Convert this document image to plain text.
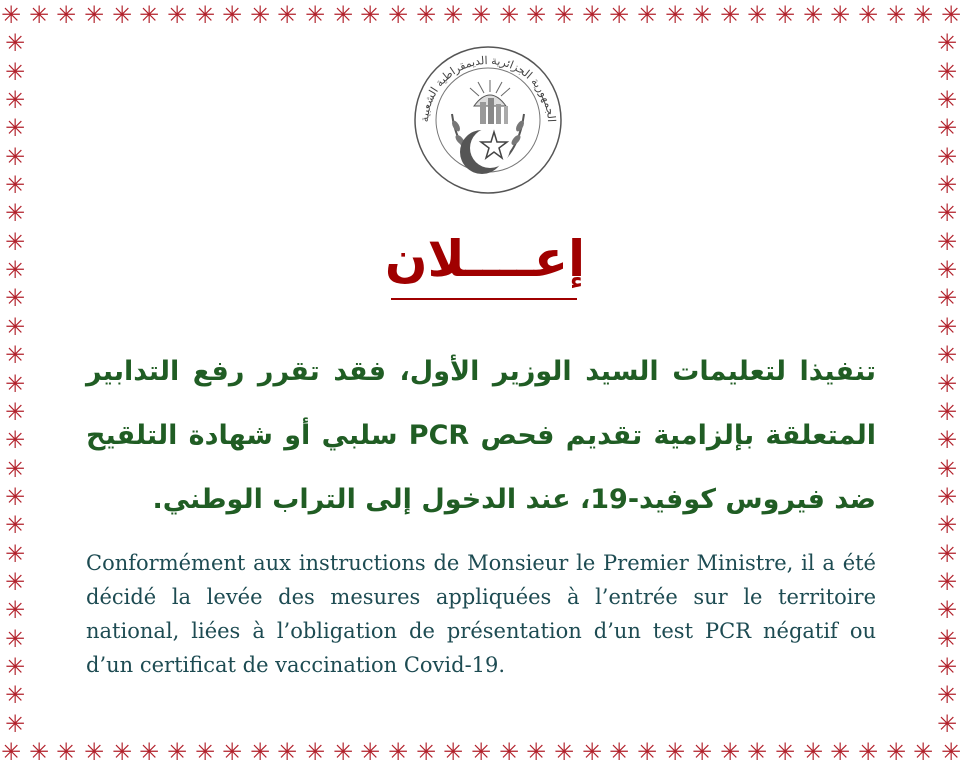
✳
✳
✳
✳
✳
✳
✳
✳
✳
✳
✳
✳
✳
✳
✳
✳
✳
✳
✳
✳
✳
✳
✳
✳
✳
✳
✳
✳
✳
✳
✳
✳
✳
✳
✳
✳
✳
✳
✳
✳
✳
✳
✳
✳
✳
✳
✳
✳
✳
✳
✳
✳
✳
✳
✳
✳
✳
✳
✳
✳
✳
✳
✳
✳
✳
✳
✳
✳
✳
✳
✳	✳
✳	✳
✳	✳
✳	✳
✳	✳
✳	✳
✳	✳
✳	✳
✳	✳
✳	✳
✳	✳
✳	✳
✳	✳
✳	✳
✳	✳
✳	✳
✳	✳
✳	✳
✳	✳
✳	✳
✳	✳
✳	✳
✳	✳
✳	✳
✳	✳
الجمهورية الجزائرية الديمقراطية الشعبية
إعــــلان
تنفيذا لتعليمات السيد الوزير الأول، فقد تقرر رفع التدابير المتعلقة بإلزامية تقديم فحص PCR سلبي أو شهادة التلقيح ضد فيروس كوفيد-19، عند الدخول إلى التراب الوطني.
Conformément aux instructions de Monsieur le Premier Ministre, il a été décidé la levée des mesures appliquées à l’entrée sur le territoire national, liées à l’obligation de présentation d’un test PCR négatif ou d’un certificat de vaccination Covid-19.
